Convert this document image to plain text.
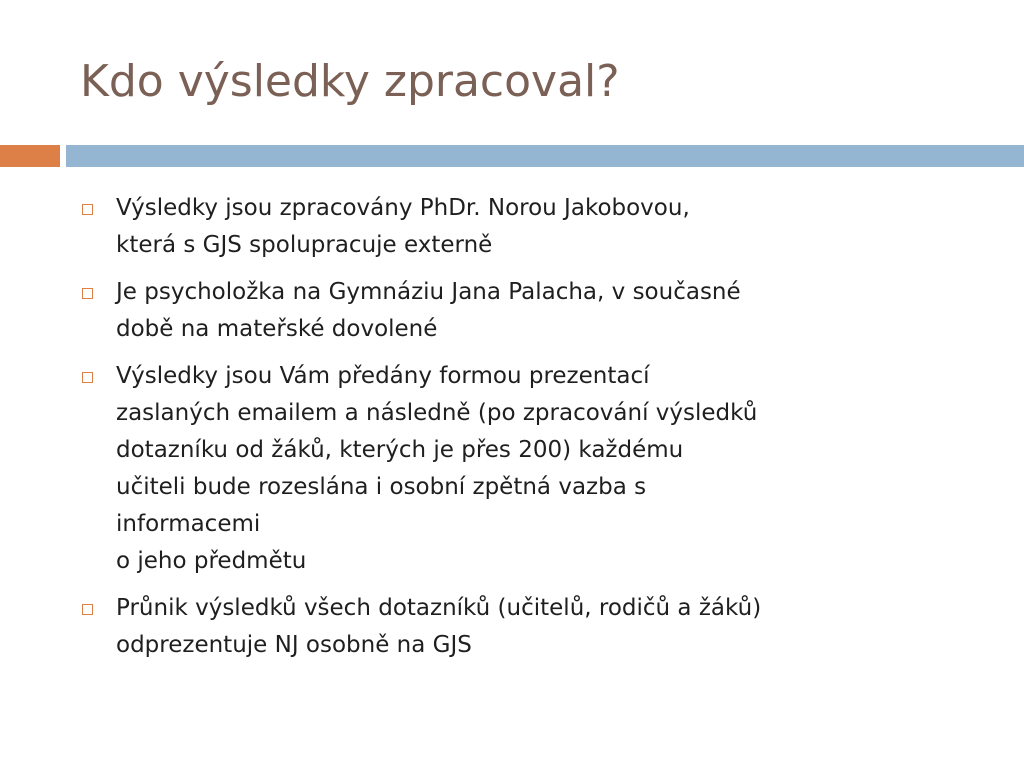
Kdo výsledky zpracoval?
Výsledky jsou zpracovány PhDr. Norou Jakobovou,
která s GJS spolupracuje externě
Je psycholožka na Gymnáziu Jana Palacha, v současné
době na mateřské dovolené
Výsledky jsou Vám předány formou prezentací
zaslaných emailem a následně (po zpracování výsledků
dotazníku od žáků, kterých je přes 200) každému
učiteli bude rozeslána i osobní zpětná vazba s
informacemi
o jeho předmětu
Průnik výsledků všech dotazníků (učitelů, rodičů a žáků)
odprezentuje NJ osobně na GJS
